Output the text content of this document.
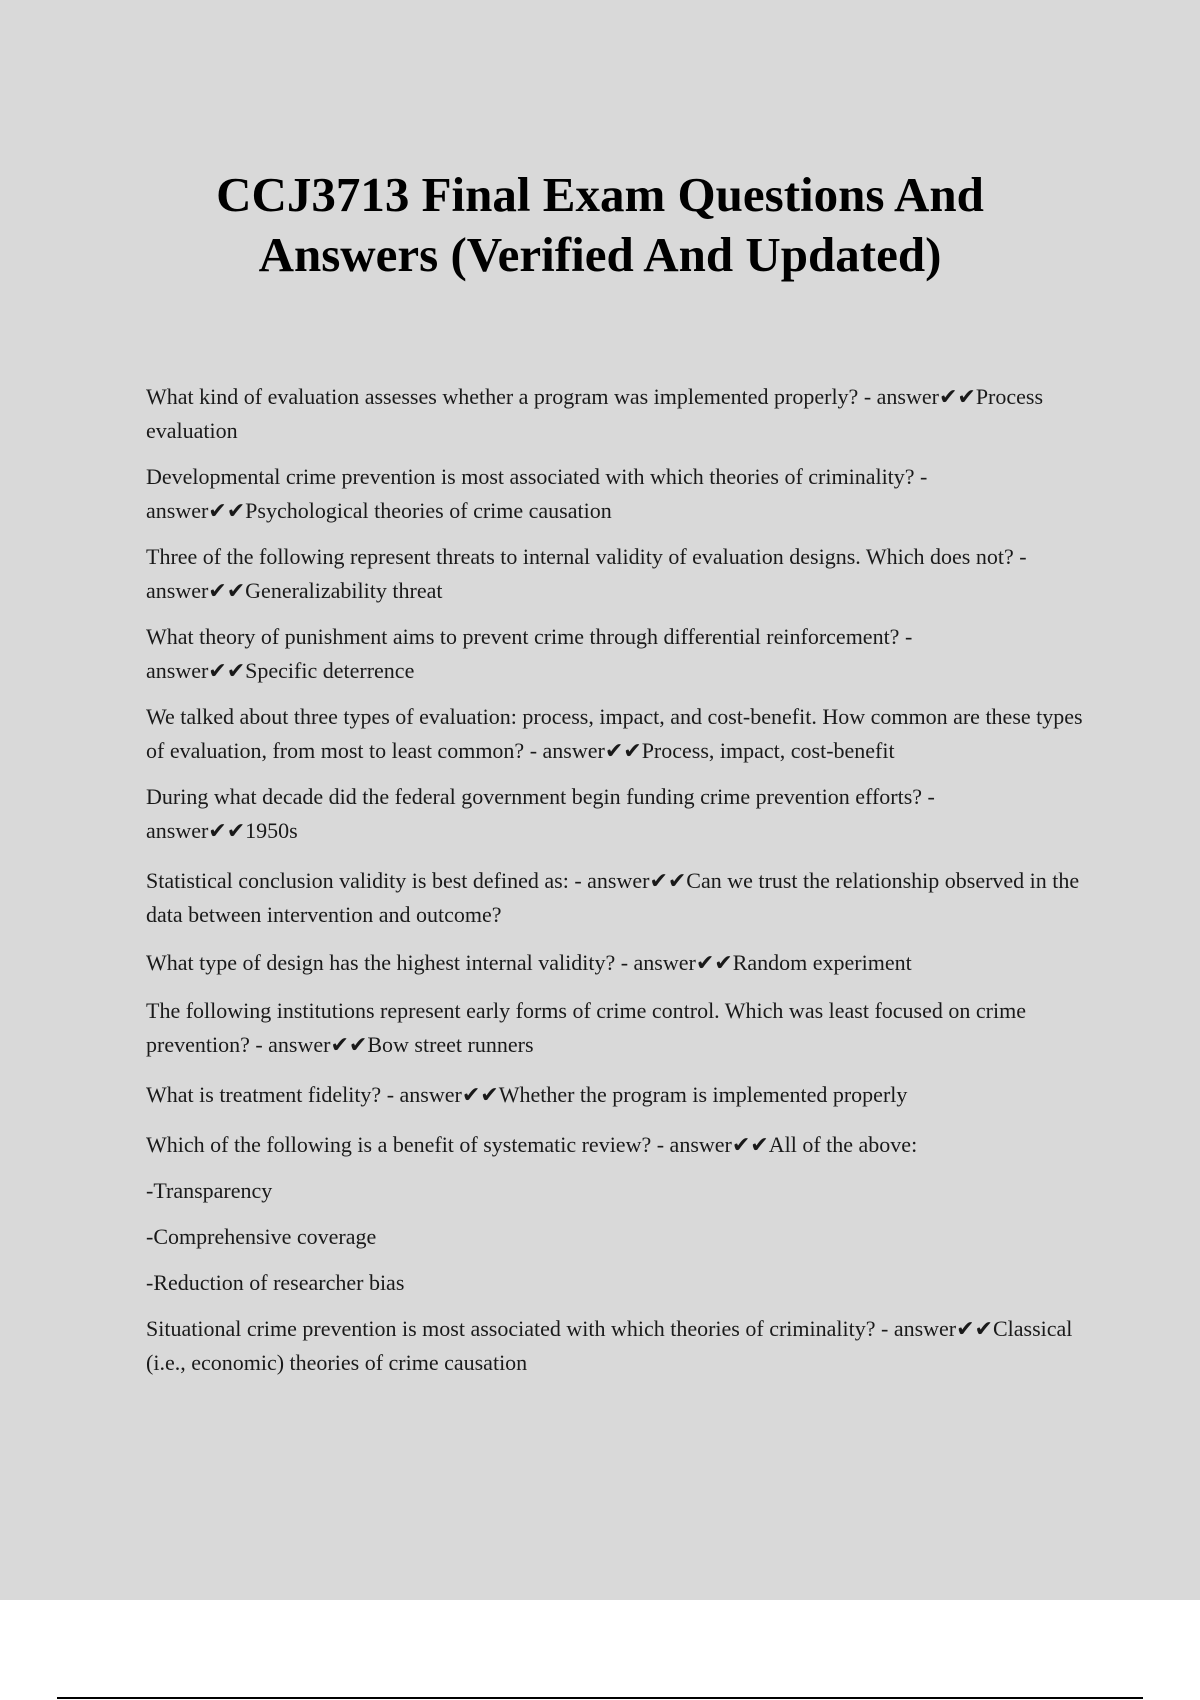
CCJ3713 Final Exam Questions And Answers (Verified And Updated)

What kind of evaluation assesses whether a program was implemented properly? - answer✔✔Process evaluation

Developmental crime prevention is most associated with which theories of criminality? - answer✔✔Psychological theories of crime causation

Three of the following represent threats to internal validity of evaluation designs. Which does not? - answer✔✔Generalizability threat

What theory of punishment aims to prevent crime through differential reinforcement? - answer✔✔Specific deterrence

We talked about three types of evaluation: process, impact, and cost-benefit. How common are these types of evaluation, from most to least common? - answer✔✔Process, impact, cost-benefit

During what decade did the federal government begin funding crime prevention efforts? - answer✔✔1950s

Statistical conclusion validity is best defined as: - answer✔✔Can we trust the relationship observed in the data between intervention and outcome?

What type of design has the highest internal validity? - answer✔✔Random experiment

The following institutions represent early forms of crime control. Which was least focused on crime prevention? - answer✔✔Bow street runners

What is treatment fidelity? - answer✔✔Whether the program is implemented properly

Which of the following is a benefit of systematic review? - answer✔✔All of the above:

-Transparency

-Comprehensive coverage

-Reduction of researcher bias

Situational crime prevention is most associated with which theories of criminality? - answer✔✔Classical (i.e., economic) theories of crime causation
